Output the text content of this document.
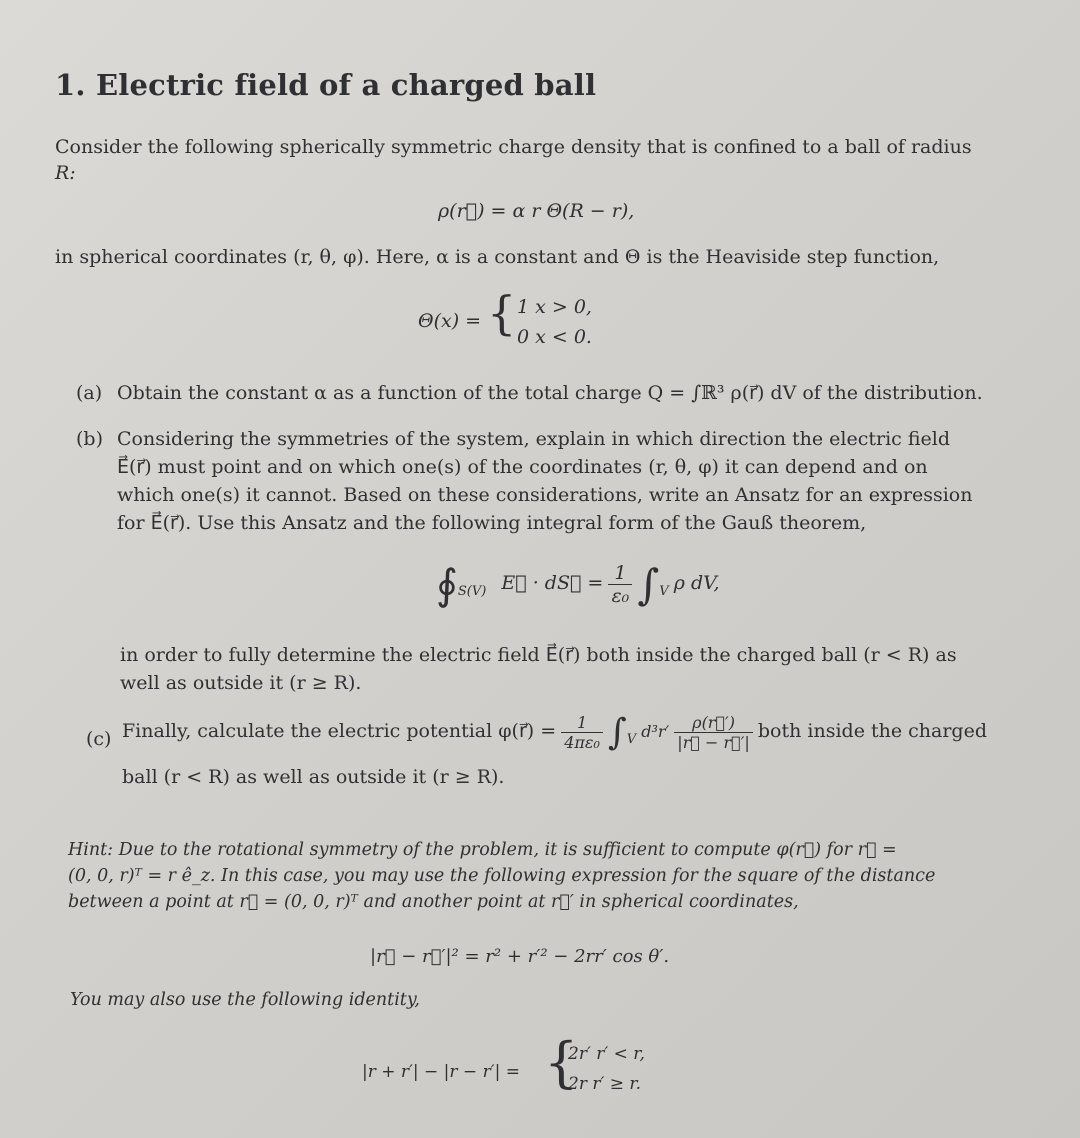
1. Electric field of a charged ball
Consider the following spherically symmetric charge density that is confined to a ball of radius
R:
ρ(r⃗) = α r Θ(R − r),
in spherical coordinates (r, θ, φ). Here, α is a constant and Θ is the Heaviside step function,
Θ(x) = { 1 x > 0,
0 x < 0.
(a) Obtain the constant α as a function of the total charge Q = ∫ℝ³ ρ(r⃗) dV of the distribution.
(b) Considering the symmetries of the system, explain in which direction the electric field
E⃗(r⃗) must point and on which one(s) of the coordinates (r, θ, φ) it can depend and on
which one(s) it cannot. Based on these considerations, write an Ansatz for an expression
for E⃗(r⃗). Use this Ansatz and the following integral form of the Gauß theorem,
$∮_{S(V)}$ E⃗ · dS⃗ = $\frac{1}{\text{ε₀}} \int_V$ ρ dV,
in order to fully determine the electric field E⃗(r⃗) both inside the charged ball (r < R) as
well as outside it (r ≥ R).
(c) Finally, calculate the electric potential φ(r⃗) = $\frac{1}{\text{4πε₀}} \int_V$ $d^3r' \frac{\rho(r⃗')}{|r⃗ - r⃗'|}$ both inside the charged
ball (r < R) as well as outside it (r ≥ R).
Hint: Due to the rotational symmetry of the problem, it is sufficient to compute φ(r⃗) for r⃗ =
(0, 0, r)ᵀ = r ê_z. In this case, you may use the following expression for the square of the distance
between a point at r⃗ = (0, 0, r)ᵀ and another point at r⃗′ in spherical coordinates,
|r⃗ − r⃗′|² = r² + r′² − 2rr′ cos θ′.
You may also use the following identity,
|r + r′| − |r − r′| = {
2r′ r′ < r,
2r r′ ≥ r.
